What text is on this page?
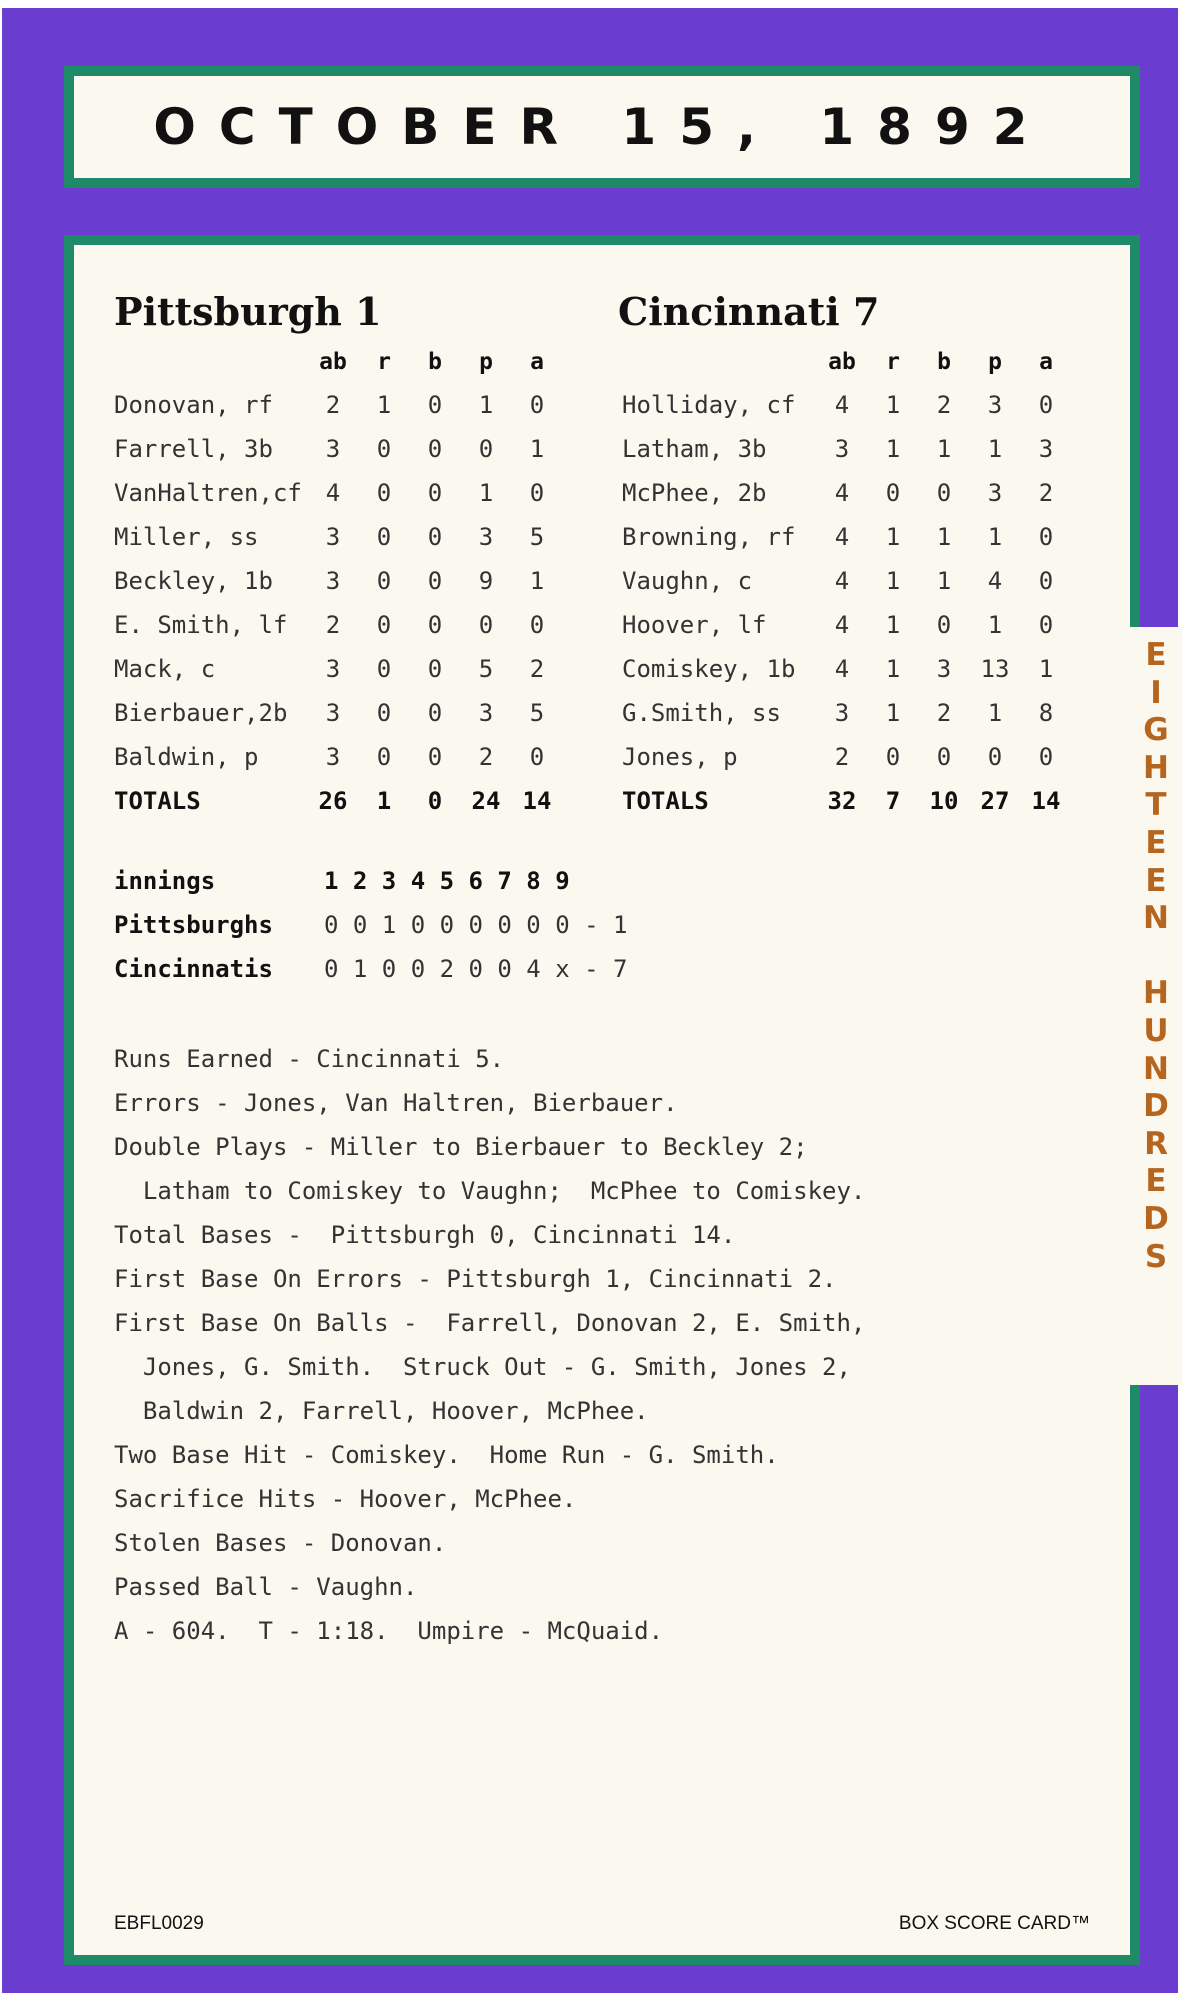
OCTOBER 15, 1892
Pittsburgh 1	Cincinnati 7
innings	1 2 3 4 5 6 7 8 9
Pittsburghs 0 0 1 0 0 0 0 0 0 - 1
Cincinnatis 0 1 0 0 2 0 0 4 x - 7
EBFL0029	BOX SCORE CARD™
ab	r	b	p	a
Donovan, rf	2	1	0	1	0
Farrell, 3b	3	0	0	0	1
VanHaltren,cf 4	0	0	1	0
Miller, ss	3	0	0	3	5
Beckley, 1b	3	0	0	9	1
E. Smith, lf	2	0	0	0	0
Mack, c	3	0	0	5	2
Bierbauer,2b	3	0	0	3	5
Baldwin, p	3	0	0	2	0
TOTALS	26	1	0	24 14
ab	r	b	p	a
Holliday, cf	4	1	2	3	0
Latham, 3b	3	1	1	1	3
McPhee, 2b	4	0	0	3	2
Browning, rf	4	1	1	1	0
Vaughn, c	4	1	1	4	0
Hoover, lf	4	1	0	1	0
Comiskey, 1b	4	1	3	13	1
G.Smith, ss	3	1	2	1	8
Jones, p	2	0	0	0	0
TOTALS	32	7	10 27 14
Runs Earned - Cincinnati 5.
Errors - Jones, Van Haltren, Bierbauer.
Double Plays - Miller to Bierbauer to Beckley 2;
Latham to Comiskey to Vaughn;  McPhee to Comiskey.
Total Bases -  Pittsburgh 0, Cincinnati 14.
First Base On Errors - Pittsburgh 1, Cincinnati 2.
First Base On Balls -  Farrell, Donovan 2, E. Smith,
Jones, G. Smith.  Struck Out - G. Smith, Jones 2,
Baldwin 2, Farrell, Hoover, McPhee.
Two Base Hit - Comiskey.  Home Run - G. Smith.
Sacrifice Hits - Hoover, McPhee.
Stolen Bases - Donovan.
Passed Ball - Vaughn.
A - 604.  T - 1:18.  Umpire - McQuaid.
E
I
G
H
T
E
E
N

H
U
N
D
R
E
D
S
